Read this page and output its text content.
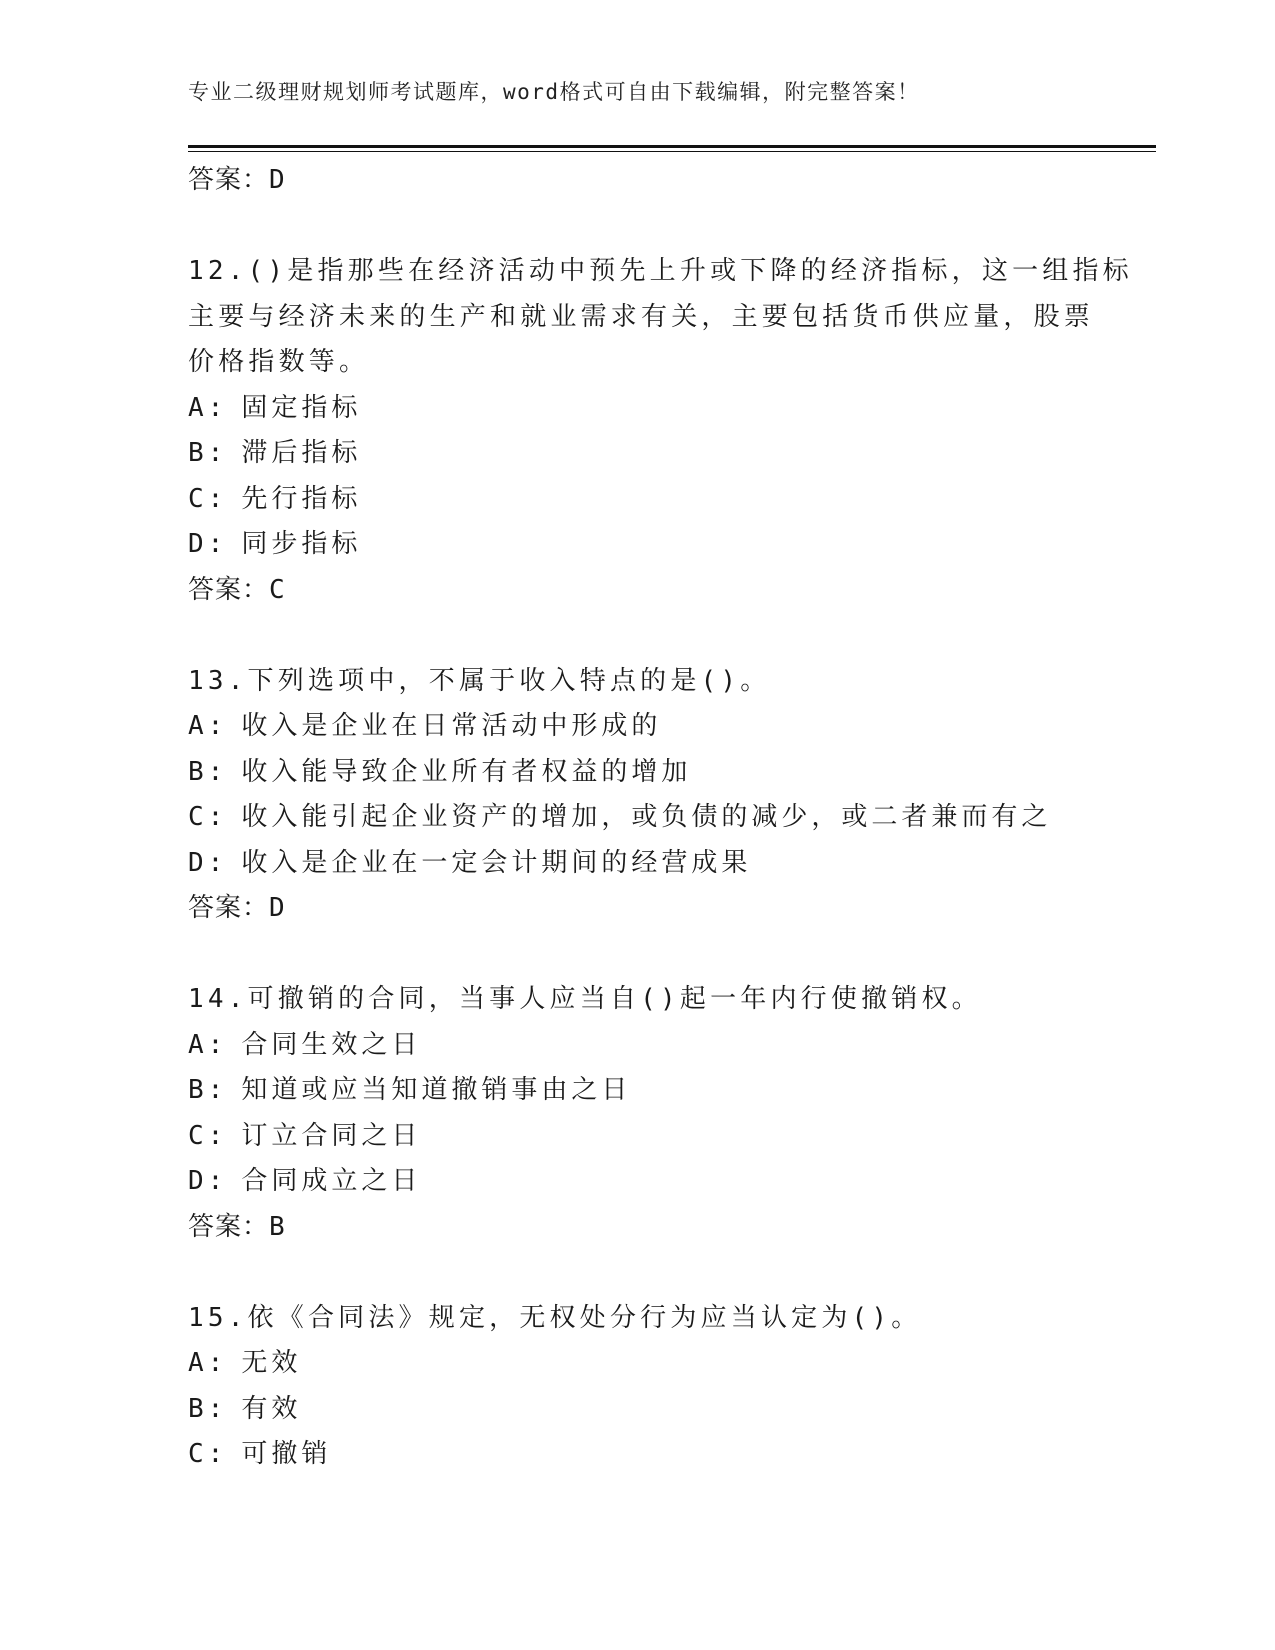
专业二级理财规划师考试题库，word格式可自由下载编辑，附完整答案！
答案：D
12.()是指那些在经济活动中预先上升或下降的经济指标，这一组指标
主要与经济未来的生产和就业需求有关，主要包括货币供应量，股票
价格指数等。
A: 固定指标
B: 滞后指标
C: 先行指标
D: 同步指标
答案：C
13.下列选项中，不属于收入特点的是()。
A: 收入是企业在日常活动中形成的
B: 收入能导致企业所有者权益的增加
C: 收入能引起企业资产的增加，或负债的减少，或二者兼而有之
D: 收入是企业在一定会计期间的经营成果
答案：D
14.可撤销的合同，当事人应当自()起一年内行使撤销权。
A: 合同生效之日
B: 知道或应当知道撤销事由之日
C: 订立合同之日
D: 合同成立之日
答案：B
15.依《合同法》规定，无权处分行为应当认定为()。
A: 无效
B: 有效
C: 可撤销
